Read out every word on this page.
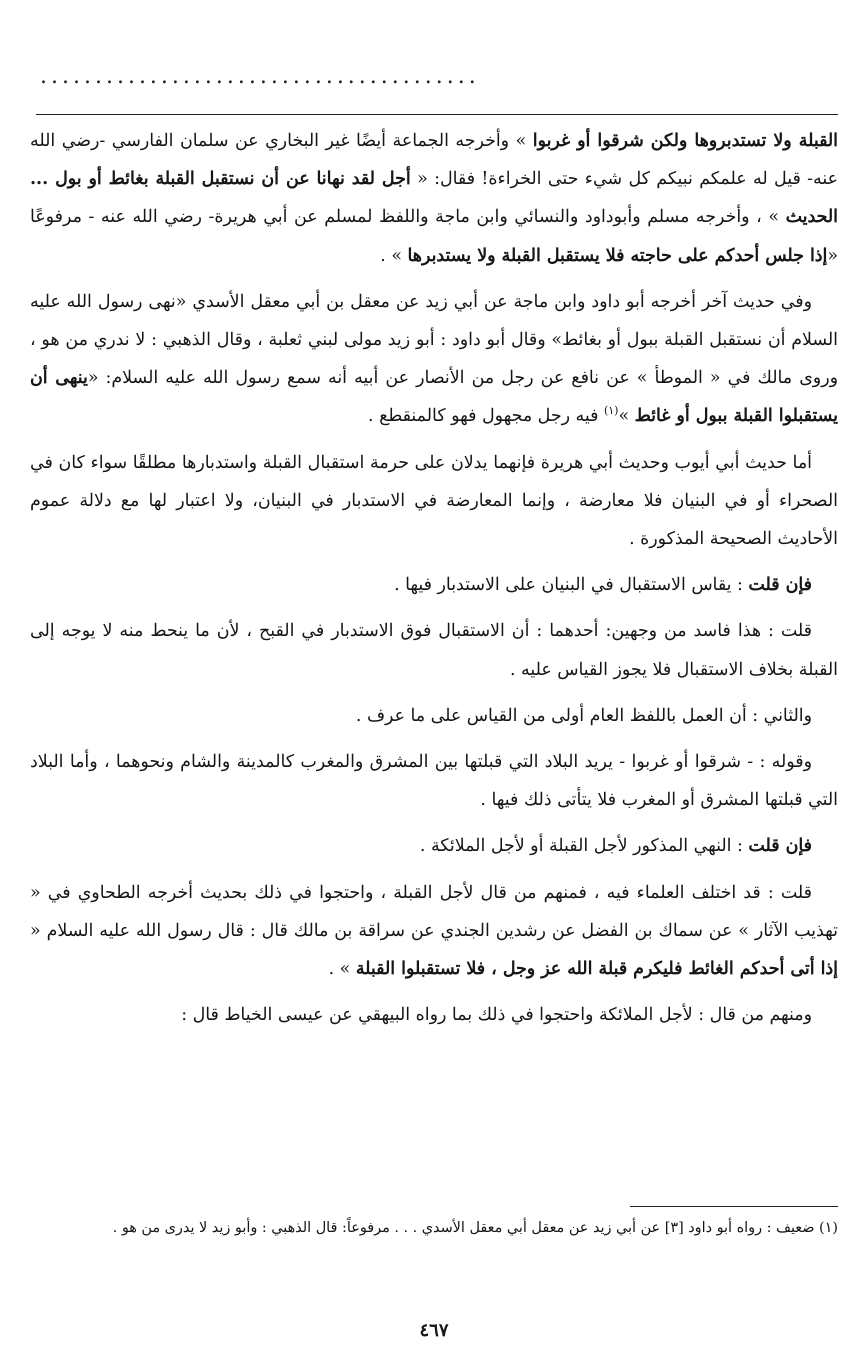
........................................

القبلة ولا تستدبروها ولكن شرقوا أو غربوا » وأخرجه الجماعة أيضًا غير البخاري عن سلمان الفارسي -رضي الله عنه- قيل له علمكم نبيكم كل شيء حتى الخراءة! فقال: « أجل لقد نهانا عن أن نستقبل القبلة بغائط أو بول ... الحديث » ، وأخرجه مسلم وأبوداود والنسائي وابن ماجة واللفظ لمسلم عن أبي هريرة- رضي الله عنه - مرفوعًا «إذا جلس أحدكم على حاجته فلا يستقبل القبلة ولا يستدبرها » .

وفي حديث آخر أخرجه أبو داود وابن ماجة عن أبي زيد عن معقل بن أبي معقل الأسدي «نهى رسول الله عليه السلام أن نستقبل القبلة ببول أو بغائط» وقال أبو داود : أبو زيد مولى لبني ثعلبة ، وقال الذهبي : لا ندري من هو ، وروى مالك في « الموطأ » عن نافع عن رجل من الأنصار عن أبيه أنه سمع رسول الله عليه السلام: «ينهى أن يستقبلوا القبلة ببول أو غائط »$^{(١)}$ فيه رجل مجهول فهو كالمنقطع .

أما حديث أبي أيوب وحديث أبي هريرة فإنهما يدلان على حرمة استقبال القبلة واستدبارها مطلقًا سواء كان في الصحراء أو في البنيان فلا معارضة ، وإنما المعارضة في الاستدبار في البنيان، ولا اعتبار لها مع دلالة عموم الأحاديث الصحيحة المذكورة .

فإن قلت : يقاس الاستقبال في البنيان على الاستدبار فيها .

قلت : هذا فاسد من وجهين: أحدهما : أن الاستقبال فوق الاستدبار في القبح ، لأن ما ينحط منه لا يوجه إلى القبلة بخلاف الاستقبال فلا يجوز القياس عليه .

والثاني : أن العمل باللفظ العام أولى من القياس على ما عرف .

وقوله : - شرقوا أو غربوا - يريد البلاد التي قبلتها بين المشرق والمغرب كالمدينة والشام ونحوهما ، وأما البلاد التي قبلتها المشرق أو المغرب فلا يتأتى ذلك فيها .

فإن قلت : النهي المذكور لأجل القبلة أو لأجل الملائكة .

قلت : قد اختلف العلماء فيه ، فمنهم من قال لأجل القبلة ، واحتجوا في ذلك بحديث أخرجه الطحاوي في « تهذيب الآثار » عن سماك بن الفضل عن رشدين الجندي عن سراقة بن مالك قال : قال رسول الله عليه السلام « إذا أتى أحدكم الغائط فليكرم قبلة الله عز وجل ، فلا تستقبلوا القبلة » .

ومنهم من قال : لأجل الملائكة واحتجوا في ذلك بما رواه البيهقي عن عيسى الخياط قال :

(١) ضعيف : رواه أبو داود [٣] عن أبي زيد عن معقل أبي معقل الأسدي . . . مرفوعاً: قال الذهبي : وأبو زيد لا يدرى من هو .

٤٦٧
